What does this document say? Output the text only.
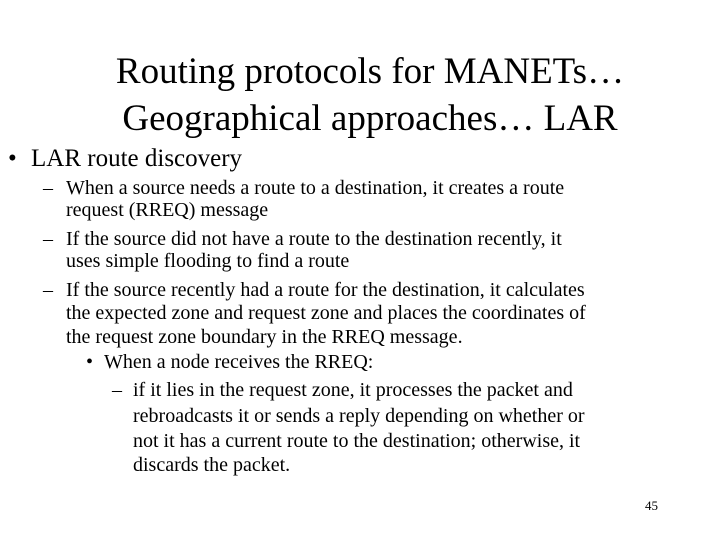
Routing protocols for MANETs…
Geographical approaches… LAR
• LAR route discovery
– When a source needs a route to a destination, it creates a route
request (RREQ) message
– If the source did not have a route to the destination recently, it
uses simple flooding to find a route
– If the source recently had a route for the destination, it calculates
the expected zone and request zone and places the coordinates of
the request zone boundary in the RREQ message.
• When a node receives the RREQ:
– if it lies in the request zone, it processes the packet and
rebroadcasts it or sends a reply depending on whether or
not it has a current route to the destination; otherwise, it
discards the packet.
45
